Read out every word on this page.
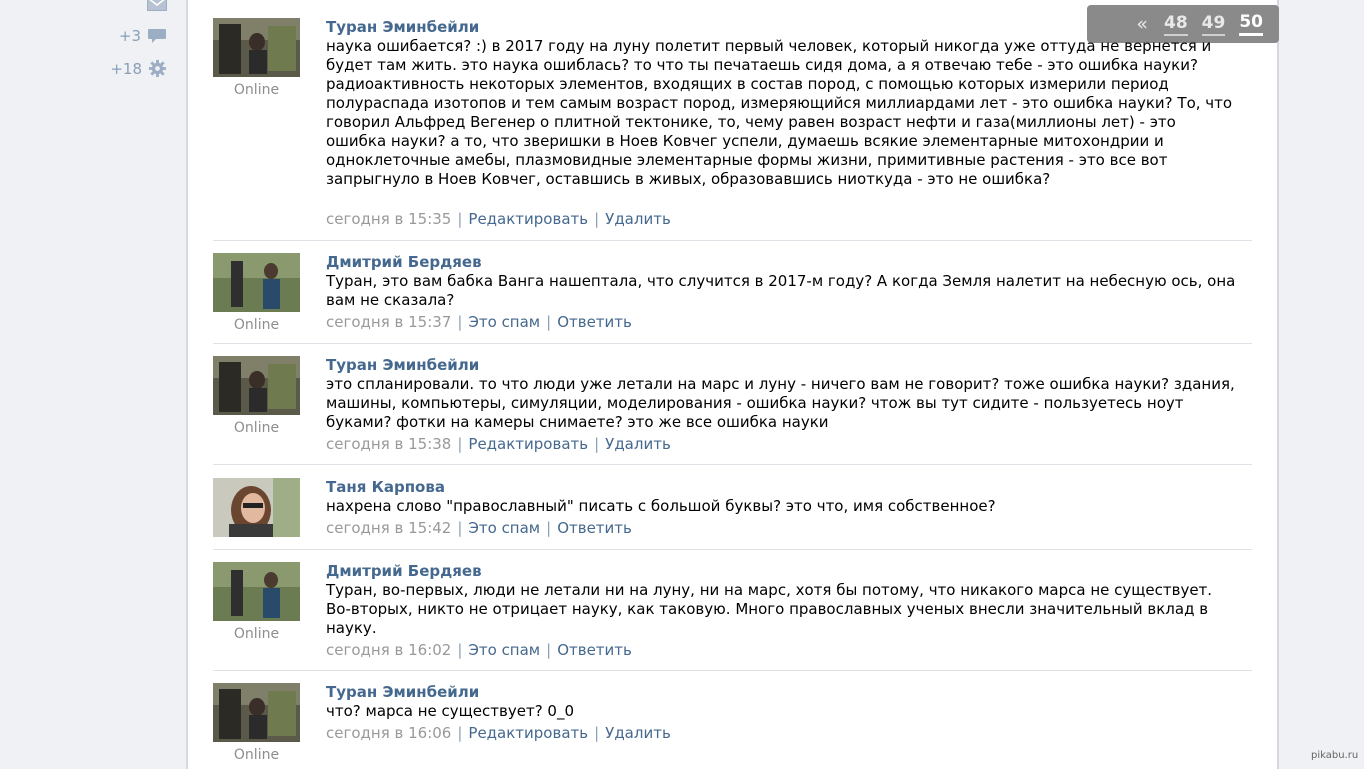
+3
+18
« 48 49 50
Online
Туран Эминбейли
наука ошибается? :) в 2017 году на луну полетит первый человек, который никогда уже оттуда не вернется и будет там жить. это наука ошиблась? то что ты печатаешь сидя дома, а я отвечаю тебе - это ошибка науки? радиоактивность некоторых элементов, входящих в состав пород, с помощью которых измерили период полураспада изотопов и тем самым возраст пород, измеряющийся миллиардами лет - это ошибка науки? То, что говорил Альфред Вегенер о плитной тектонике, то, чему равен возраст нефти и газа(миллионы лет) - это ошибка науки? а то, что зверишки в Ноев Ковчег успели, думаешь всякие элементарные митохондрии и одноклеточные амебы, плазмовидные элементарные формы жизни, примитивные растения - это все вот запрыгнуло в Ноев Ковчег, оставшись в живых, образовавшись ниоткуда - это не ошибка?
сегодня в 15:35 | Редактировать | Удалить
Online
Дмитрий Бердяев
Туран, это вам бабка Ванга нашептала, что случится в 2017-м году? А когда Земля налетит на небесную ось, она вам не сказала?
сегодня в 15:37 | Это спам | Ответить
Online
Туран Эминбейли
это спланировали. то что люди уже летали на марс и луну - ничего вам не говорит? тоже ошибка науки? здания, машины, компьютеры, симуляции, моделирования - ошибка науки? чтож вы тут сидите - пользуетесь ноут буками? фотки на камеры снимаете? это же все ошибка науки
сегодня в 15:38 | Редактировать | Удалить
Таня Карпова
нахрена слово "православный" писать с большой буквы? это что, имя собственное?
сегодня в 15:42 | Это спам | Ответить
Online
Дмитрий Бердяев
Туран, во-первых, люди не летали ни на луну, ни на марс, хотя бы потому, что никакого марса не существует. Во-вторых, никто не отрицает науку, как таковую. Много православных ученых внесли значительный вклад в науку.
сегодня в 16:02 | Это спам | Ответить
Online
Туран Эминбейли
что? марса не существует? 0_0
сегодня в 16:06 | Редактировать | Удалить
pikabu.ru
